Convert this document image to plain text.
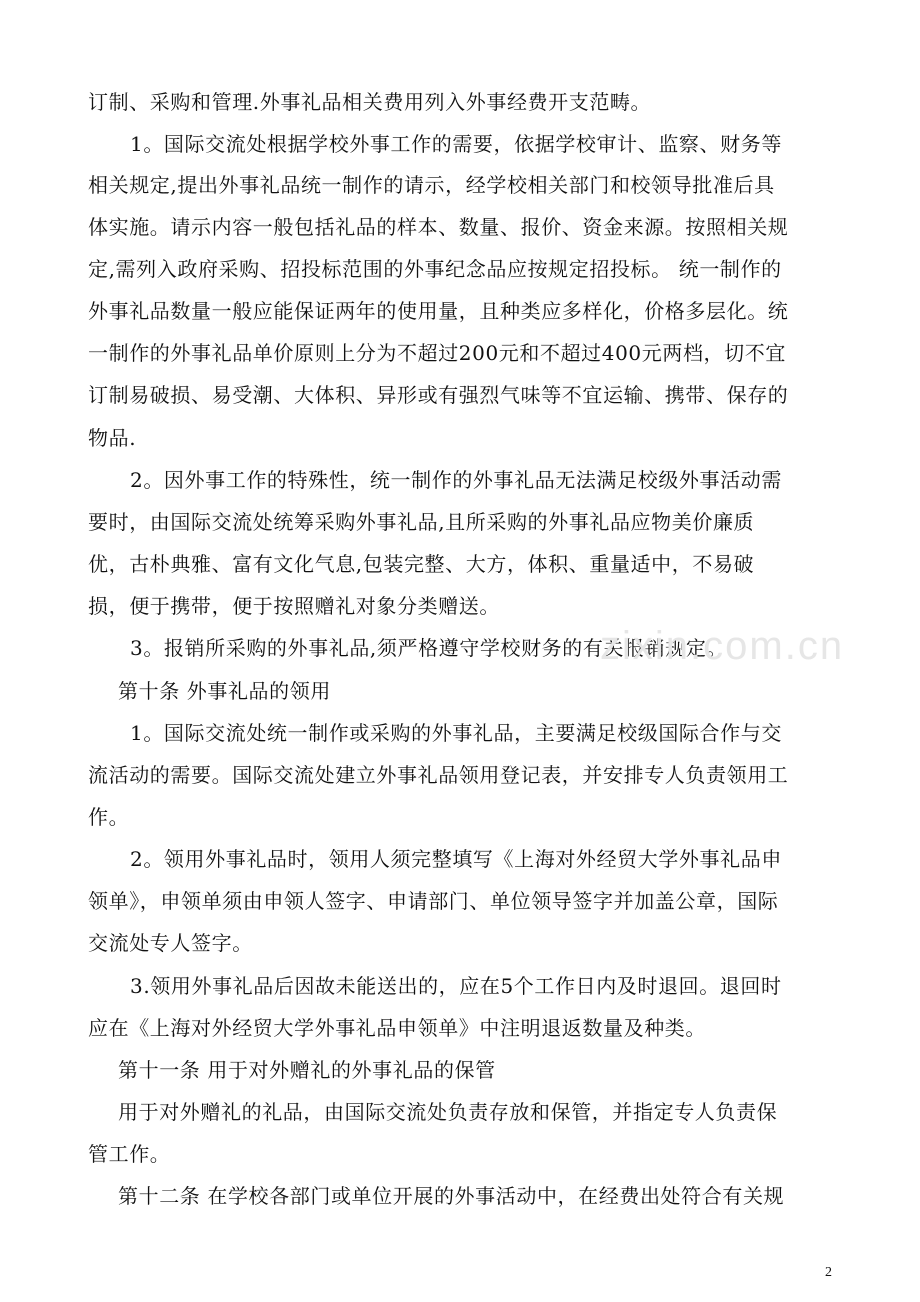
订制、采购和管理.外事礼品相关费用列入外事经费开支范畴。
1。国际交流处根据学校外事工作的需要，依据学校审计、监察、财务等
相关规定,提出外事礼品统一制作的请示，经学校相关部门和校领导批准后具
体实施。请示内容一般包括礼品的样本、数量、报价、资金来源。按照相关规
定,需列入政府采购、招投标范围的外事纪念品应按规定招投标。 统一制作的
外事礼品数量一般应能保证两年的使用量，且种类应多样化，价格多层化。统
一制作的外事礼品单价原则上分为不超过200元和不超过400元两档，切不宜
订制易破损、易受潮、大体积、异形或有强烈气味等不宜运输、携带、保存的
物品.
2。因外事工作的特殊性，统一制作的外事礼品无法满足校级外事活动需
要时，由国际交流处统筹采购外事礼品,且所采购的外事礼品应物美价廉质
优，古朴典雅、富有文化气息,包装完整、大方，体积、重量适中，不易破
损，便于携带，便于按照赠礼对象分类赠送。
3。报销所采购的外事礼品,须严格遵守学校财务的有关报销规定。
第十条 外事礼品的领用
1。国际交流处统一制作或采购的外事礼品，主要满足校级国际合作与交
流活动的需要。国际交流处建立外事礼品领用登记表，并安排专人负责领用工
作。
2。领用外事礼品时，领用人须完整填写《上海对外经贸大学外事礼品申
领单》，申领单须由申领人签字、申请部门、单位领导签字并加盖公章，国际
交流处专人签字。
3.领用外事礼品后因故未能送出的，应在5个工作日内及时退回。退回时
应在《上海对外经贸大学外事礼品申领单》中注明退返数量及种类。
第十一条 用于对外赠礼的外事礼品的保管
用于对外赠礼的礼品，由国际交流处负责存放和保管，并指定专人负责保
管工作。
第十二条 在学校各部门或单位开展的外事活动中，在经费出处符合有关规
zixin.com.cn
2
